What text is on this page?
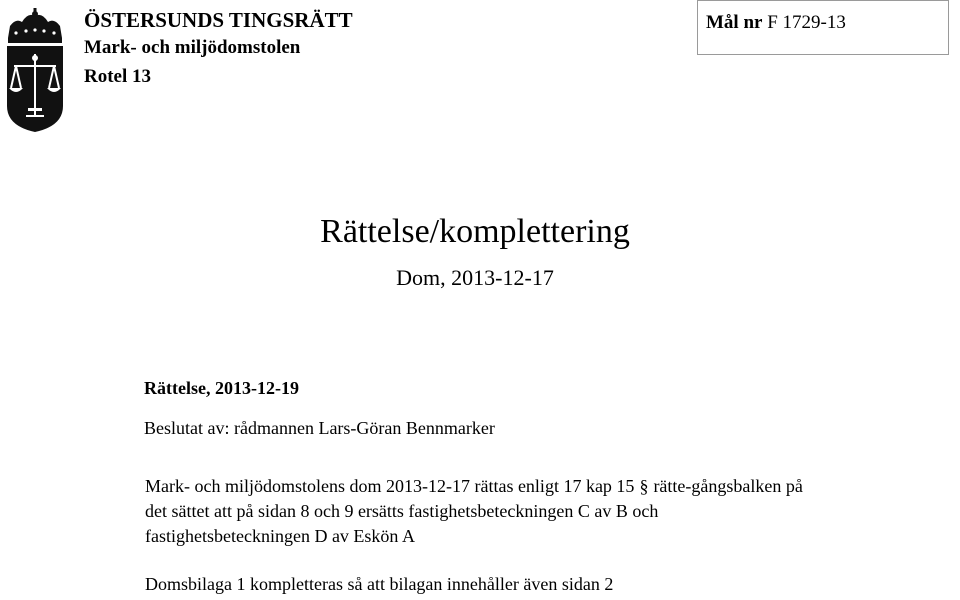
ÖSTERSUNDS TINGSRÄTT
Mark- och miljödomstolen
Rotel 13
Mål nr F 1729-13
Rättelse/komplettering
Dom, 2013-12-17
Rättelse, 2013-12-19
Beslutat av: rådmannen Lars-Göran Bennmarker

Mark- och miljödomstolens dom 2013-12-17 rättas enligt 17 kap 15 § rätte-gångsbalken på

det sättet att på sidan 8 och 9 ersätts fastighetsbeteckningen C av B och

fastighetsbeteckningen D av Eskön A

Domsbilaga 1 kompletteras så att bilagan innehåller även sidan 2
